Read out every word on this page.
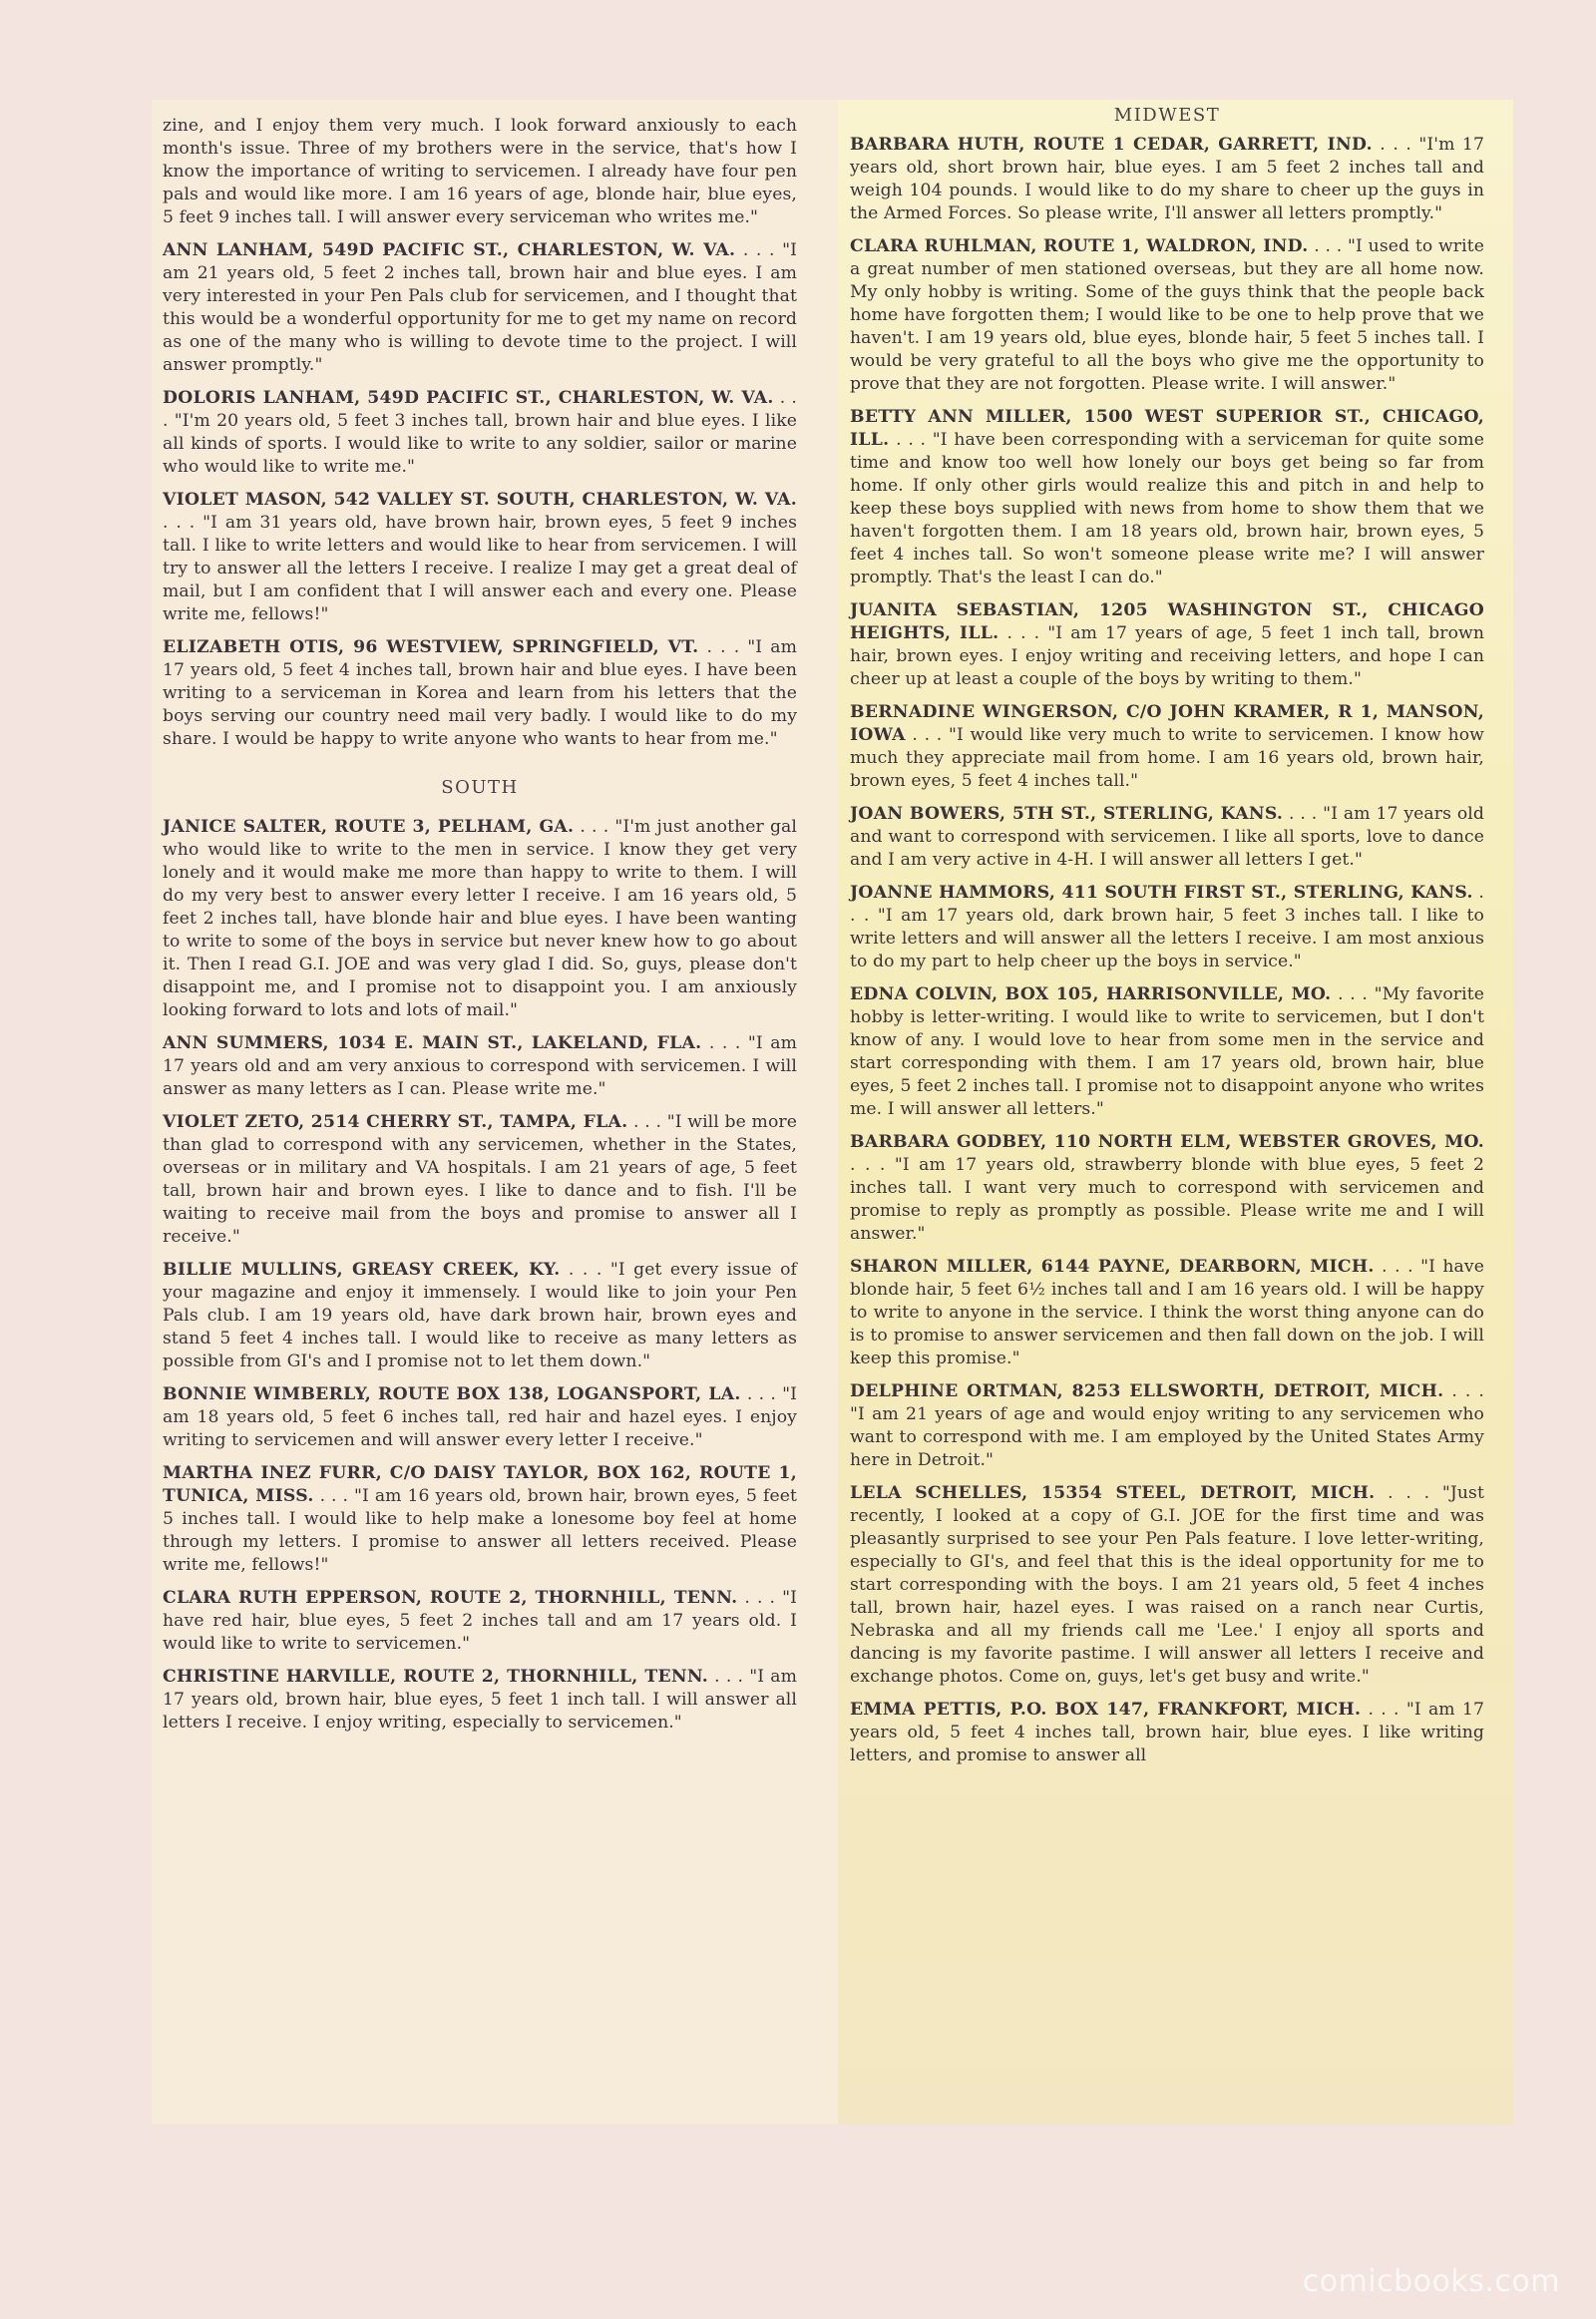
zine, and I enjoy them very much. I look forward anxiously to each month's issue. Three of my brothers were in the service, that's how I know the importance of writing to servicemen. I already have four pen pals and would like more. I am 16 years of age, blonde hair, blue eyes, 5 feet 9 inches tall. I will answer every serviceman who writes me."

ANN LANHAM, 549D PACIFIC ST., CHARLESTON, W. VA. . . . "I am 21 years old, 5 feet 2 inches tall, brown hair and blue eyes. I am very interested in your Pen Pals club for servicemen, and I thought that this would be a wonderful opportunity for me to get my name on record as one of the many who is willing to devote time to the project. I will answer promptly."

DOLORIS LANHAM, 549D PACIFIC ST., CHARLESTON, W. VA. . . . "I'm 20 years old, 5 feet 3 inches tall, brown hair and blue eyes. I like all kinds of sports. I would like to write to any soldier, sailor or marine who would like to write me."

VIOLET MASON, 542 VALLEY ST. SOUTH, CHARLESTON, W. VA. . . . "I am 31 years old, have brown hair, brown eyes, 5 feet 9 inches tall. I like to write letters and would like to hear from servicemen. I will try to answer all the letters I receive. I realize I may get a great deal of mail, but I am confident that I will answer each and every one. Please write me, fellows!"

ELIZABETH OTIS, 96 WESTVIEW, SPRINGFIELD, VT. . . . "I am 17 years old, 5 feet 4 inches tall, brown hair and blue eyes. I have been writing to a serviceman in Korea and learn from his letters that the boys serving our country need mail very badly. I would like to do my share. I would be happy to write anyone who wants to hear from me."

SOUTH

JANICE SALTER, ROUTE 3, PELHAM, GA. . . . "I'm just another gal who would like to write to the men in service. I know they get very lonely and it would make me more than happy to write to them. I will do my very best to answer every letter I receive. I am 16 years old, 5 feet 2 inches tall, have blonde hair and blue eyes. I have been wanting to write to some of the boys in service but never knew how to go about it. Then I read G.I. JOE and was very glad I did. So, guys, please don't disappoint me, and I promise not to disappoint you. I am anxiously looking forward to lots and lots of mail."

ANN SUMMERS, 1034 E. MAIN ST., LAKELAND, FLA. . . . "I am 17 years old and am very anxious to correspond with servicemen. I will answer as many letters as I can. Please write me."

VIOLET ZETO, 2514 CHERRY ST., TAMPA, FLA. . . . "I will be more than glad to correspond with any servicemen, whether in the States, overseas or in military and VA hospitals. I am 21 years of age, 5 feet tall, brown hair and brown eyes. I like to dance and to fish. I'll be waiting to receive mail from the boys and promise to answer all I receive."

BILLIE MULLINS, GREASY CREEK, KY. . . . "I get every issue of your magazine and enjoy it immensely. I would like to join your Pen Pals club. I am 19 years old, have dark brown hair, brown eyes and stand 5 feet 4 inches tall. I would like to receive as many letters as possible from GI's and I promise not to let them down."

BONNIE WIMBERLY, ROUTE BOX 138, LOGANSPORT, LA. . . . "I am 18 years old, 5 feet 6 inches tall, red hair and hazel eyes. I enjoy writing to servicemen and will answer every letter I receive."

MARTHA INEZ FURR, C/O DAISY TAYLOR, BOX 162, ROUTE 1, TUNICA, MISS. . . . "I am 16 years old, brown hair, brown eyes, 5 feet 5 inches tall. I would like to help make a lonesome boy feel at home through my letters. I promise to answer all letters received. Please write me, fellows!"

CLARA RUTH EPPERSON, ROUTE 2, THORNHILL, TENN. . . . "I have red hair, blue eyes, 5 feet 2 inches tall and am 17 years old. I would like to write to servicemen."

CHRISTINE HARVILLE, ROUTE 2, THORNHILL, TENN. . . . "I am 17 years old, brown hair, blue eyes, 5 feet 1 inch tall. I will answer all letters I receive. I enjoy writing, especially to servicemen."

MIDWEST

BARBARA HUTH, ROUTE 1 CEDAR, GARRETT, IND. . . . "I'm 17 years old, short brown hair, blue eyes. I am 5 feet 2 inches tall and weigh 104 pounds. I would like to do my share to cheer up the guys in the Armed Forces. So please write, I'll answer all letters promptly."

CLARA RUHLMAN, ROUTE 1, WALDRON, IND. . . . "I used to write a great number of men stationed overseas, but they are all home now. My only hobby is writing. Some of the guys think that the people back home have forgotten them; I would like to be one to help prove that we haven't. I am 19 years old, blue eyes, blonde hair, 5 feet 5 inches tall. I would be very grateful to all the boys who give me the opportunity to prove that they are not forgotten. Please write. I will answer."

BETTY ANN MILLER, 1500 WEST SUPERIOR ST., CHICAGO, ILL. . . . "I have been corresponding with a serviceman for quite some time and know too well how lonely our boys get being so far from home. If only other girls would realize this and pitch in and help to keep these boys supplied with news from home to show them that we haven't forgotten them. I am 18 years old, brown hair, brown eyes, 5 feet 4 inches tall. So won't someone please write me? I will answer promptly. That's the least I can do."

JUANITA SEBASTIAN, 1205 WASHINGTON ST., CHICAGO HEIGHTS, ILL. . . . "I am 17 years of age, 5 feet 1 inch tall, brown hair, brown eyes. I enjoy writing and receiving letters, and hope I can cheer up at least a couple of the boys by writing to them."

BERNADINE WINGERSON, C/O JOHN KRAMER, R 1, MANSON, IOWA . . . "I would like very much to write to servicemen. I know how much they appreciate mail from home. I am 16 years old, brown hair, brown eyes, 5 feet 4 inches tall."

JOAN BOWERS, 5TH ST., STERLING, KANS. . . . "I am 17 years old and want to correspond with servicemen. I like all sports, love to dance and I am very active in 4-H. I will answer all letters I get."

JOANNE HAMMORS, 411 SOUTH FIRST ST., STERLING, KANS. . . . "I am 17 years old, dark brown hair, 5 feet 3 inches tall. I like to write letters and will answer all the letters I receive. I am most anxious to do my part to help cheer up the boys in service."

EDNA COLVIN, BOX 105, HARRISONVILLE, MO. . . . "My favorite hobby is letter-writing. I would like to write to servicemen, but I don't know of any. I would love to hear from some men in the service and start corresponding with them. I am 17 years old, brown hair, blue eyes, 5 feet 2 inches tall. I promise not to disappoint anyone who writes me. I will answer all letters."

BARBARA GODBEY, 110 NORTH ELM, WEBSTER GROVES, MO. . . . "I am 17 years old, strawberry blonde with blue eyes, 5 feet 2 inches tall. I want very much to correspond with servicemen and promise to reply as promptly as possible. Please write me and I will answer."

SHARON MILLER, 6144 PAYNE, DEARBORN, MICH. . . . "I have blonde hair, 5 feet 6½ inches tall and I am 16 years old. I will be happy to write to anyone in the service. I think the worst thing anyone can do is to promise to answer servicemen and then fall down on the job. I will keep this promise."

DELPHINE ORTMAN, 8253 ELLSWORTH, DETROIT, MICH. . . . "I am 21 years of age and would enjoy writing to any servicemen who want to correspond with me. I am employed by the United States Army here in Detroit."

LELA SCHELLES, 15354 STEEL, DETROIT, MICH. . . . "Just recently, I looked at a copy of G.I. JOE for the first time and was pleasantly surprised to see your Pen Pals feature. I love letter-writing, especially to GI's, and feel that this is the ideal opportunity for me to start corresponding with the boys. I am 21 years old, 5 feet 4 inches tall, brown hair, hazel eyes. I was raised on a ranch near Curtis, Nebraska and all my friends call me 'Lee.' I enjoy all sports and dancing is my favorite pastime. I will answer all letters I receive and exchange photos. Come on, guys, let's get busy and write."

EMMA PETTIS, P.O. BOX 147, FRANKFORT, MICH. . . . "I am 17 years old, 5 feet 4 inches tall, brown hair, blue eyes. I like writing letters, and promise to answer all

comicbooks.com
